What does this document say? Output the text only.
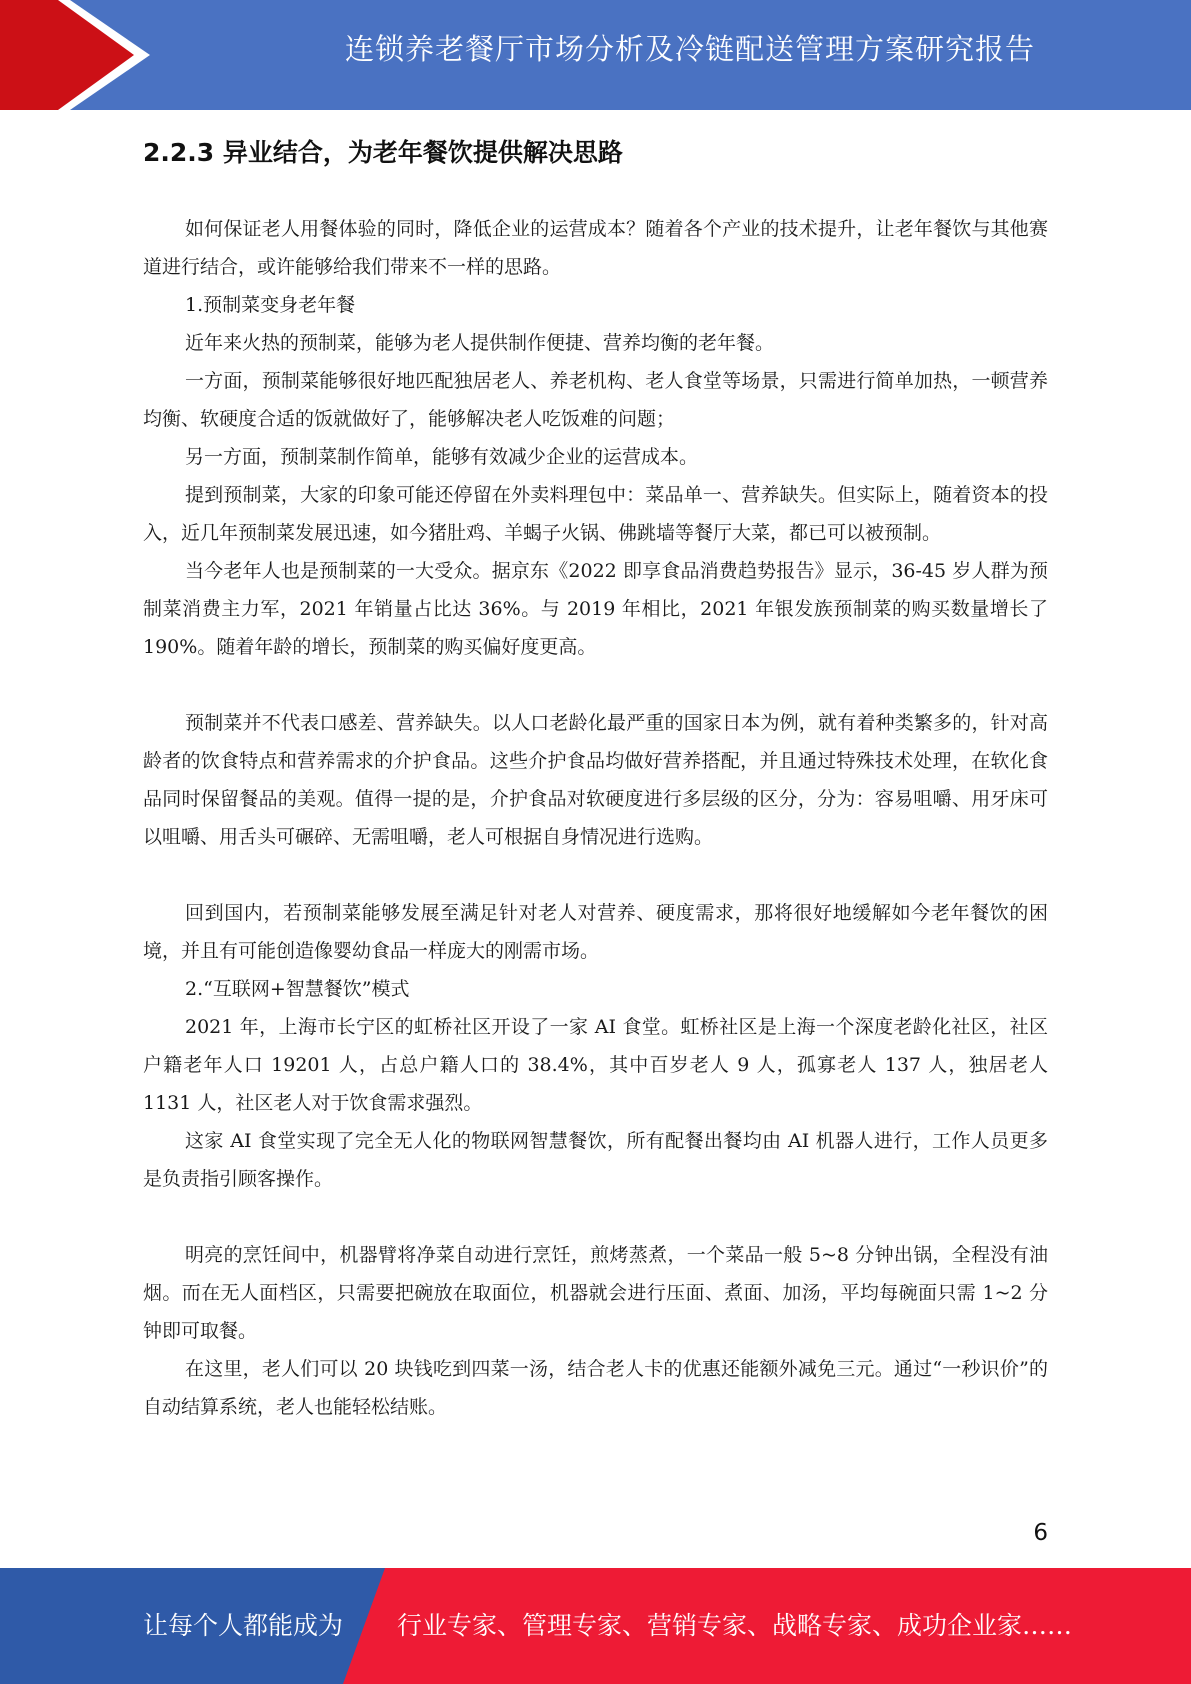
连锁养老餐厅市场分析及冷链配送管理方案研究报告
2.2.3 异业结合，为老年餐饮提供解决思路

如何保证老人用餐体验的同时，降低企业的运营成本？随着各个产业的技术提升，让老年餐饮与其他赛道进行结合，或许能够给我们带来不一样的思路。

1.预制菜变身老年餐

近年来火热的预制菜，能够为老人提供制作便捷、营养均衡的老年餐。

一方面，预制菜能够很好地匹配独居老人、养老机构、老人食堂等场景，只需进行简单加热，一顿营养均衡、软硬度合适的饭就做好了，能够解决老人吃饭难的问题；

另一方面，预制菜制作简单，能够有效减少企业的运营成本。

提到预制菜，大家的印象可能还停留在外卖料理包中：菜品单一、营养缺失。但实际上，随着资本的投入，近几年预制菜发展迅速，如今猪肚鸡、羊蝎子火锅、佛跳墙等餐厅大菜，都已可以被预制。

当今老年人也是预制菜的一大受众。据京东《2022 即享食品消费趋势报告》显示，36-45 岁人群为预制菜消费主力军，2021 年销量占比达 36%。与 2019 年相比，2021 年银发族预制菜的购买数量增长了 190%。随着年龄的增长，预制菜的购买偏好度更高。

预制菜并不代表口感差、营养缺失。以人口老龄化最严重的国家日本为例，就有着种类繁多的，针对高龄者的饮食特点和营养需求的介护食品。这些介护食品均做好营养搭配，并且通过特殊技术处理，在软化食品同时保留餐品的美观。值得一提的是，介护食品对软硬度进行多层级的区分，分为：容易咀嚼、用牙床可以咀嚼、用舌头可碾碎、无需咀嚼，老人可根据自身情况进行选购。

回到国内，若预制菜能够发展至满足针对老人对营养、硬度需求，那将很好地缓解如今老年餐饮的困境，并且有可能创造像婴幼食品一样庞大的刚需市场。

2.“互联网+智慧餐饮”模式

2021 年，上海市长宁区的虹桥社区开设了一家 AI 食堂。虹桥社区是上海一个深度老龄化社区，社区户籍老年人口 19201 人，占总户籍人口的 38.4%，其中百岁老人 9 人，孤寡老人 137 人，独居老人 1131 人，社区老人对于饮食需求强烈。

这家 AI 食堂实现了完全无人化的物联网智慧餐饮，所有配餐出餐均由 AI 机器人进行，工作人员更多是负责指引顾客操作。

明亮的烹饪间中，机器臂将净菜自动进行烹饪，煎烤蒸煮，一个菜品一般 5~8 分钟出锅，全程没有油烟。而在无人面档区，只需要把碗放在取面位，机器就会进行压面、煮面、加汤，平均每碗面只需 1~2 分钟即可取餐。

在这里，老人们可以 20 块钱吃到四菜一汤，结合老人卡的优惠还能额外减免三元。通过“一秒识价”的自动结算系统，老人也能轻松结账。

6
让每个人都能成为 行业专家、管理专家、营销专家、战略专家、成功企业家……
